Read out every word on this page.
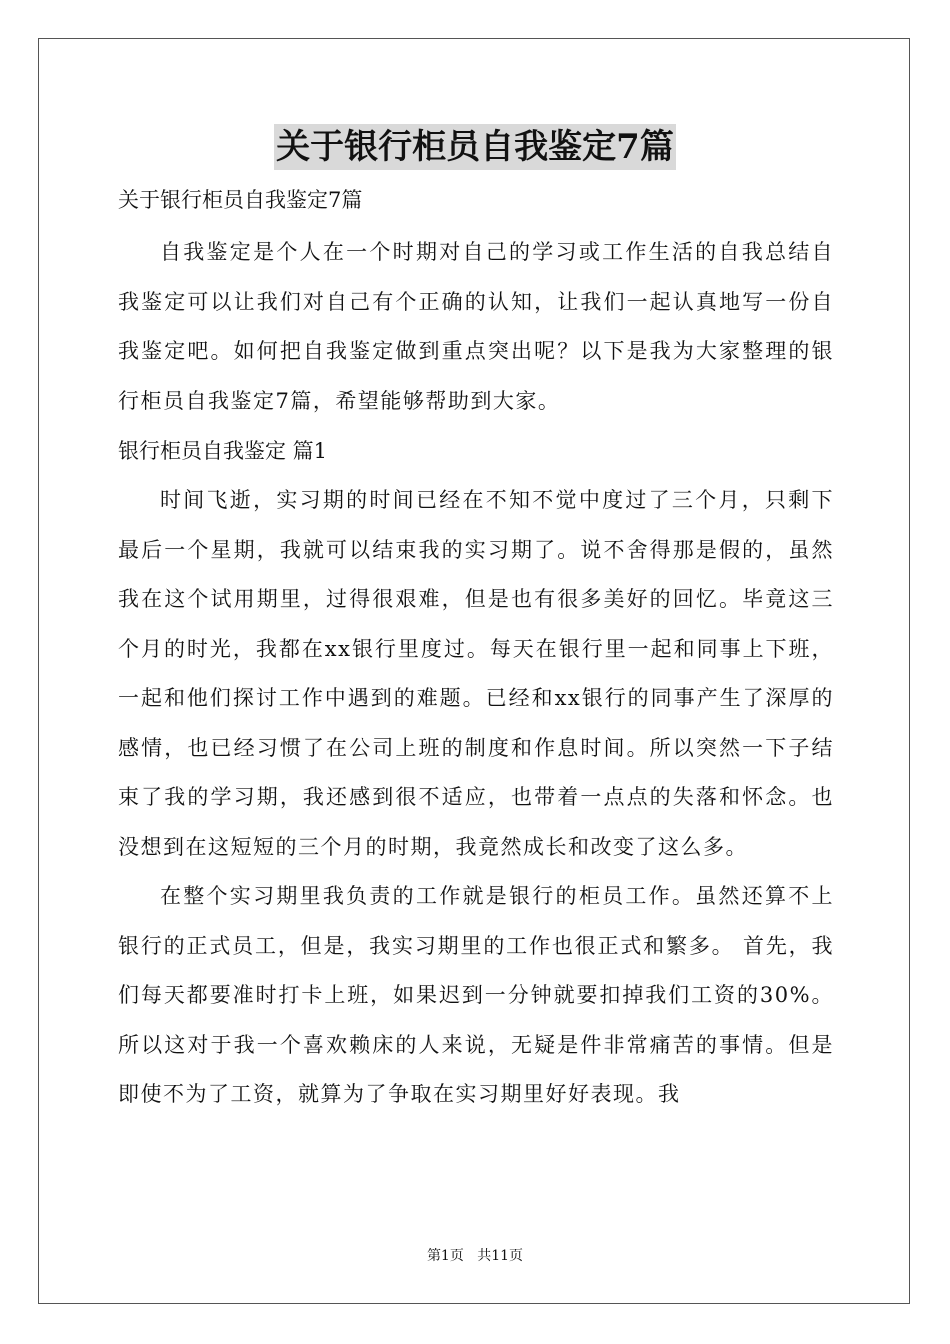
关于银行柜员自我鉴定7篇
关于银行柜员自我鉴定7篇

自我鉴定是个人在一个时期对自己的学习或工作生活的自我总结自我鉴定可以让我们对自己有个正确的认知，让我们一起认真地写一份自我鉴定吧。如何把自我鉴定做到重点突出呢？以下是我为大家整理的银行柜员自我鉴定7篇，希望能够帮助到大家。

银行柜员自我鉴定 篇1

时间飞逝，实习期的时间已经在不知不觉中度过了三个月，只剩下最后一个星期，我就可以结束我的实习期了。说不舍得那是假的，虽然我在这个试用期里，过得很艰难，但是也有很多美好的回忆。毕竟这三个月的时光，我都在xx银行里度过。每天在银行里一起和同事上下班，一起和他们探讨工作中遇到的难题。已经和xx银行的同事产生了深厚的感情，也已经习惯了在公司上班的制度和作息时间。所以突然一下子结束了我的学习期，我还感到很不适应，也带着一点点的失落和怀念。也没想到在这短短的三个月的时期，我竟然成长和改变了这么多。

在整个实习期里我负责的工作就是银行的柜员工作。虽然还算不上银行的正式员工，但是，我实习期里的工作也很正式和繁多。 首先，我们每天都要准时打卡上班，如果迟到一分钟就要扣掉我们工资的30%。所以这对于我一个喜欢赖床的人来说，无疑是件非常痛苦的事情。但是即使不为了工资，就算为了争取在实习期里好好表现。我

第1页 共11页
